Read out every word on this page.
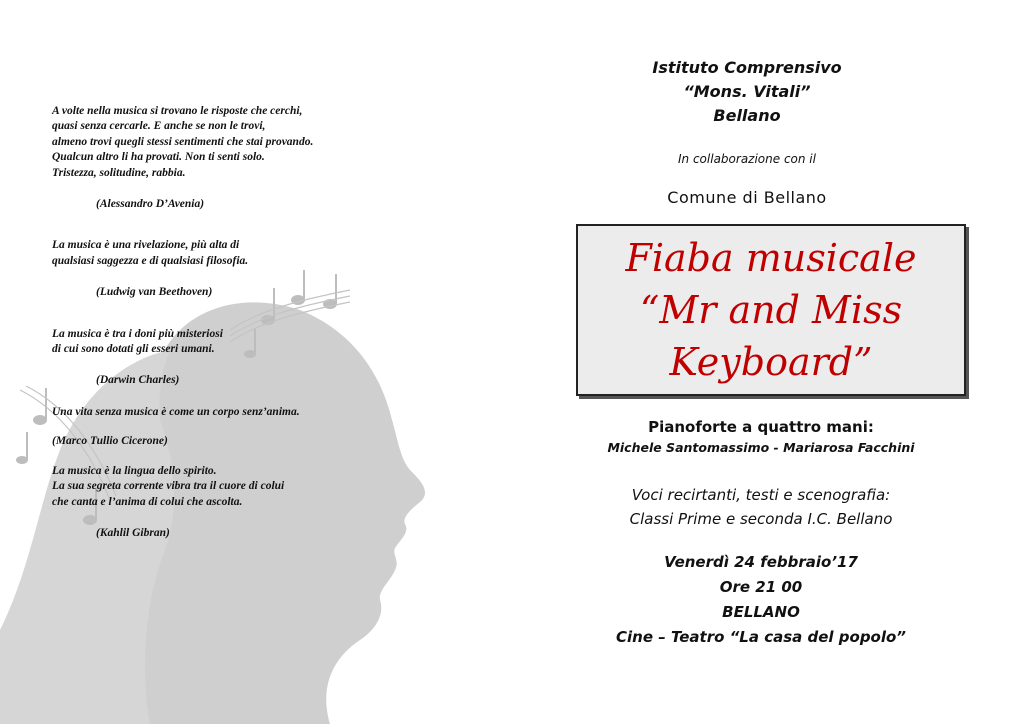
A volte nella musica si trovano le risposte che cerchi,
quasi senza cercarle. E anche se non le trovi,
almeno trovi quegli stessi sentimenti che stai provando.
Qualcun altro li ha provati. Non ti senti solo.
Tristezza, solitudine, rabbia.
(Alessandro D’Avenia)
La musica è una rivelazione, più alta di
qualsiasi saggezza e di qualsiasi filosofia.
(Ludwig van Beethoven)
La musica è tra i doni più misteriosi
di cui sono dotati gli esseri umani.
(Darwin Charles)
Una vita senza musica è come un corpo senz’anima.
(Marco Tullio Cicerone)
La musica è la lingua dello spirito.
La sua segreta corrente vibra tra il cuore di colui
che canta e l’anima di colui che ascolta.
(Kahlil Gibran)
Istituto Comprensivo
“Mons. Vitali”
Bellano
In collaborazione con il
Comune di Bellano
Fiaba musicale
“Mr and Miss
Keyboard”
Pianoforte a quattro mani:
Michele Santomassimo - Mariarosa Facchini
Voci recirtanti, testi e scenografia:
Classi Prime e seconda I.C. Bellano
Venerdì 24 febbraio’17
Ore 21 00
BELLANO
Cine – Teatro “La casa del popolo”
